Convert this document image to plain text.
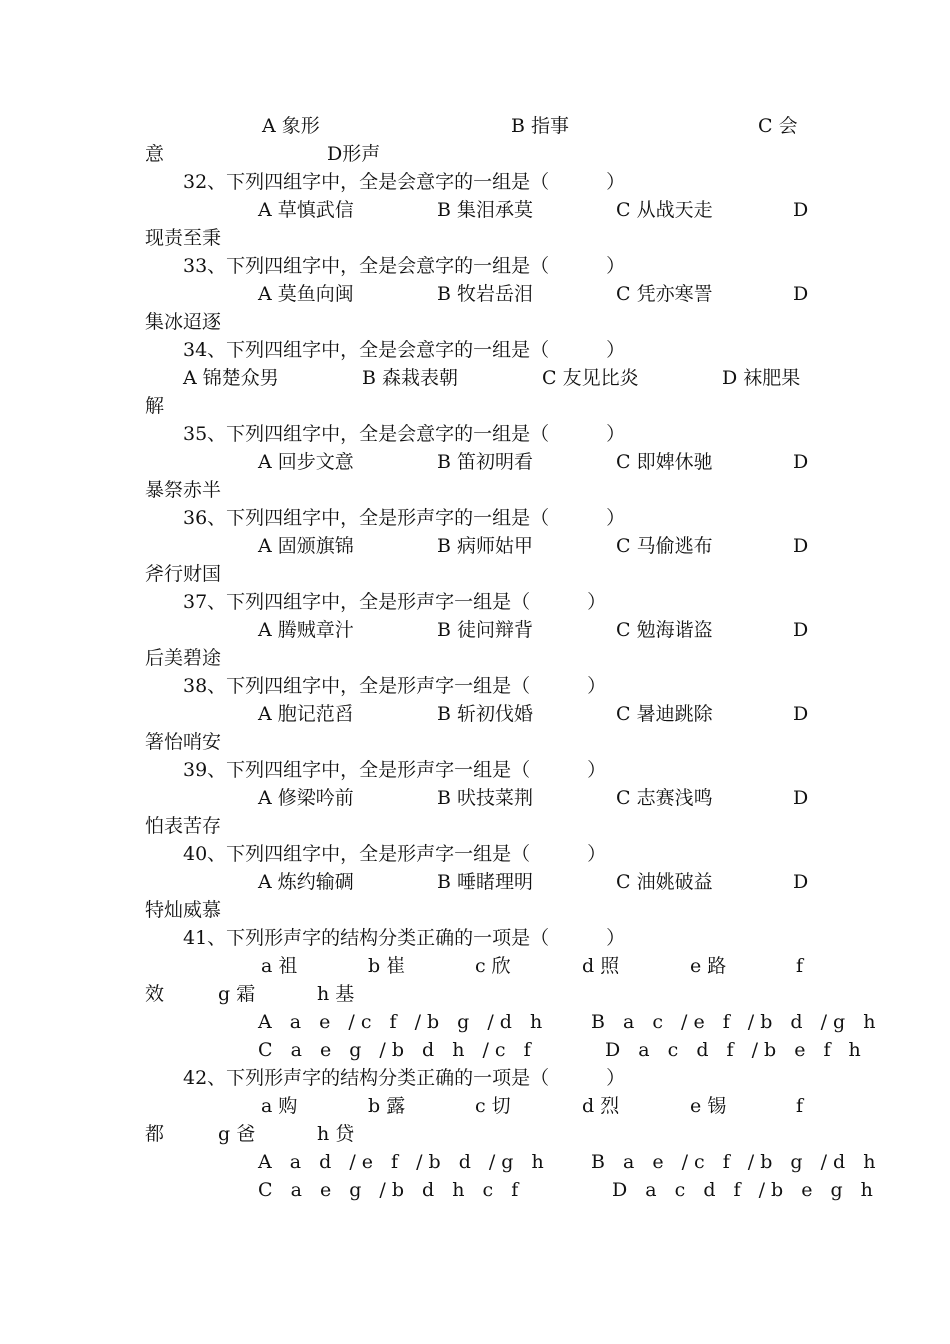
A 象形

	B 指事

	C 会

意

	D形声

32、下列四组字中，全是会意字的一组是（　　　）

A 草慎武信

	B 集泪承莫

	C 从战天走

	D

现责至秉

33、下列四组字中，全是会意字的一组是（　　　）

A 莫鱼向闽

	B 牧岩岳泪

	C 凭亦寒詈

	D

集冰迢逐

34、下列四组字中，全是会意字的一组是（　　　）

A 锦楚众男

	B 森栽表朝

	C 友见比炎

	D 袜肥果

解

35、下列四组字中，全是会意字的一组是（　　　）

A 回步文意

	B 笛初明看

	C 即婢休驰

	D

暴祭赤半

36、下列四组字中，全是形声字的一组是（　　　）

A 固颁旗锦

	B 病师姑甲

	C 马偷逃布

	D

斧行财国

37、下列四组字中，全是形声字一组是（　　　）

A 腾贼章汁

	B 徒问辩背

	C 勉海谐盗

	D

后美碧途

38、下列四组字中，全是形声字一组是（　　　）

A 胞记范舀

	B 斩初伐婚

	C 暑迪跳除

	D

箸怡哨安

39、下列四组字中，全是形声字一组是（　　　）

A 修梁吟前

	B 吠技菜荆

	C 志赛浅鸣

	D

怕表苦存

40、下列四组字中，全是形声字一组是（　　　）

A 炼约输碉

	B 唾睹理明

	C 油姚破益

	D

特灿威慕

41、下列形声字的结构分类正确的一项是（　　　）

a 祖

	b 崔

	c 欣

	d 照

	e 路

	f

效

	g 霜

	h 基

A a e /c f /b g /d h

B a c /e f /b d /g h

C a e g /b d h /c f

	D a c d f /b e f h

42、下列形声字的结构分类正确的一项是（　　　）

a 购

	b 露

	c 切

	d 烈

	e 锡

	f

都

	g 爸

	h 贷

A a d /e f /b d /g h

B a e /c f /b g /d h

C a e g /b d h c f

	D a c d f /b e g h
